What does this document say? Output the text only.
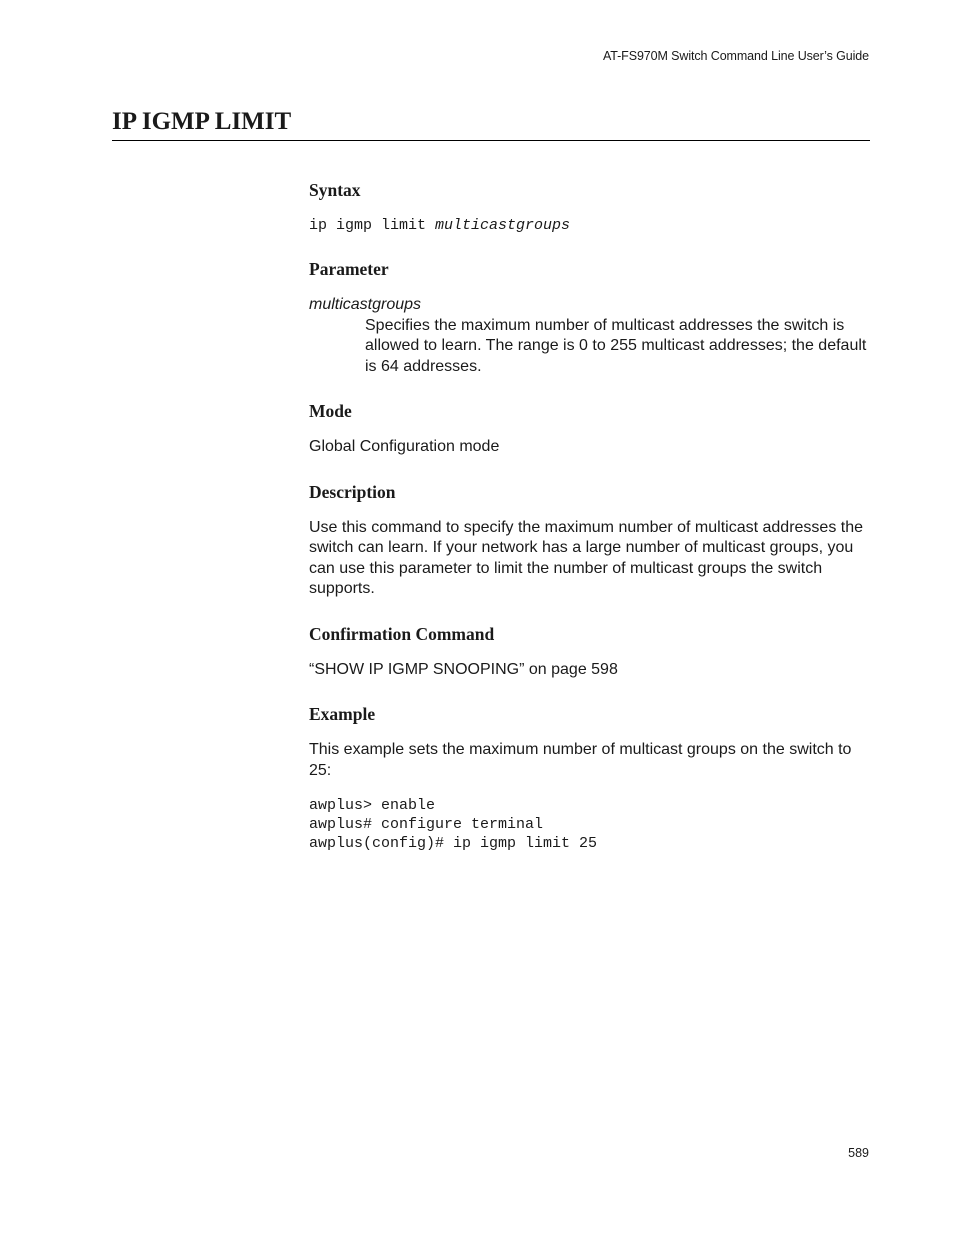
AT-FS970M Switch Command Line User’s Guide
IP IGMP LIMIT
Syntax

ip igmp limit multicastgroups

Parameter

multicastgroups

Specifies the maximum number of multicast addresses the switch is allowed to learn. The range is 0 to 255 multicast addresses; the default is 64 addresses.

Mode

Global Configuration mode

Description

Use this command to specify the maximum number of multicast addresses the switch can learn. If your network has a large number of multicast groups, you can use this parameter to limit the number of multicast groups the switch supports.

Confirmation Command

“SHOW IP IGMP SNOOPING” on page 598

Example

This example sets the maximum number of multicast groups on the switch to 25:

awplus> enable

awplus# configure terminal

awplus(config)# ip igmp limit 25

589
